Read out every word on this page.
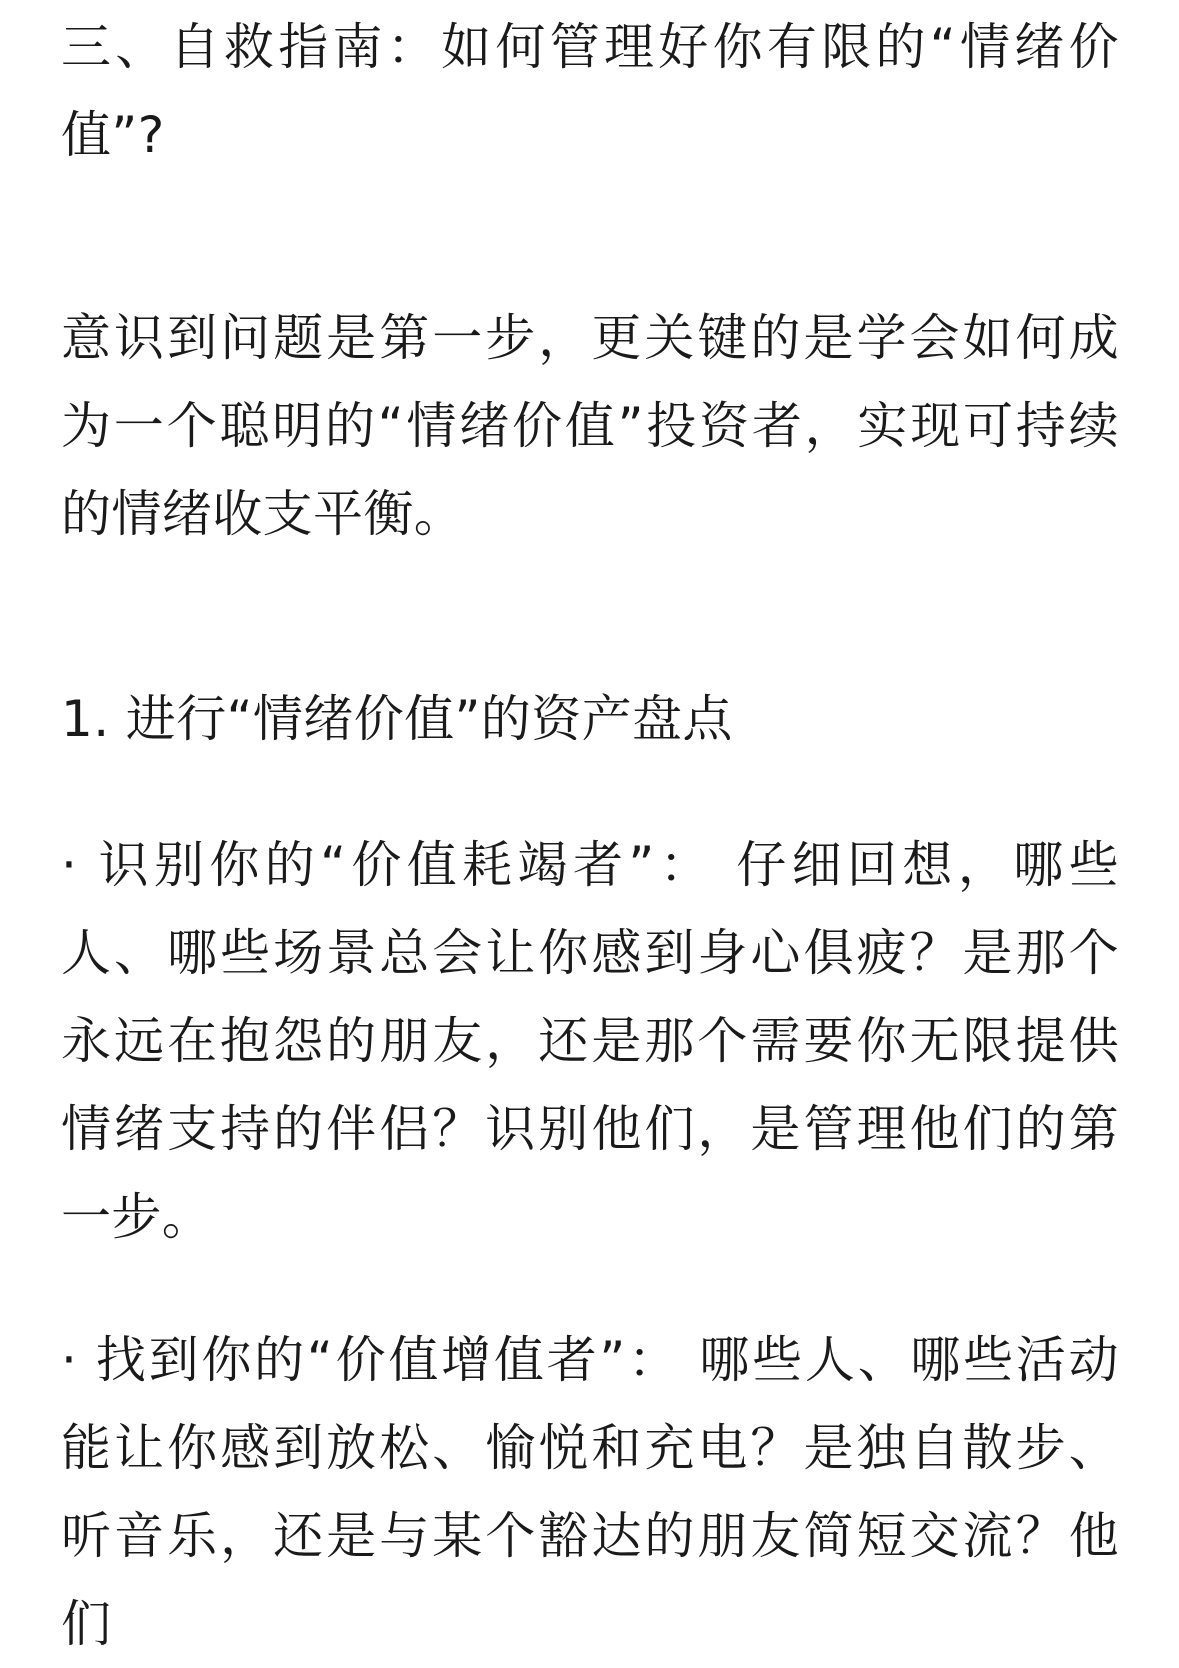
三、自救指南：如何管理好你有限的“情绪价值”?

意识到问题是第一步，更关键的是学会如何成为一个聪明的“情绪价值”投资者，实现可持续的情绪收支平衡。

1. 进行“情绪价值”的资产盘点

· 识别你的“价值耗竭者”： 仔细回想，哪些人、哪些场景总会让你感到身心俱疲？是那个永远在抱怨的朋友，还是那个需要你无限提供情绪支持的伴侣？识别他们，是管理他们的第一步。

· 找到你的“价值增值者”： 哪些人、哪些活动能让你感到放松、愉悦和充电？是独自散步、听音乐，还是与某个豁达的朋友简短交流？他们
